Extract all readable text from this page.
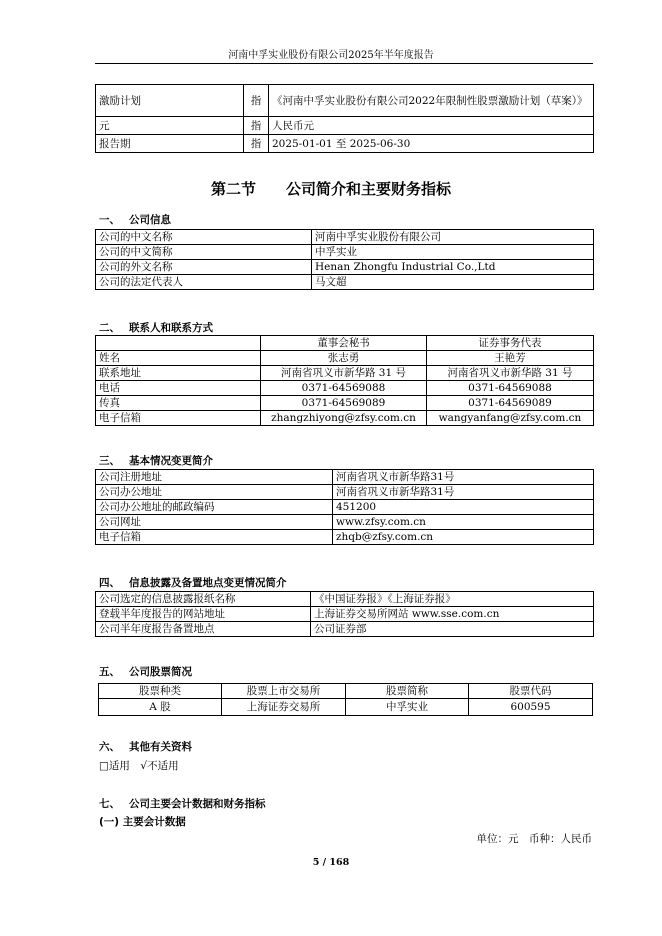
河南中孚实业股份有限公司2025年半年度报告
激励计划	指	《河南中孚实业股份有限公司2022年限制性股票激励计划（草案）》
元	指	人民币元
报告期	指	2025-01-01 至 2025-06-30
第二节　　公司简介和主要财务指标
一、 公司信息
公司的中文名称	河南中孚实业股份有限公司
公司的中文简称	中孚实业
公司的外文名称	Henan Zhongfu Industrial Co.,Ltd
公司的法定代表人	马文超
二、 联系人和联系方式
	董事会秘书	证券事务代表
姓名	张志勇	王艳芳
联系地址	河南省巩义市新华路 31 号	河南省巩义市新华路 31 号
电话	0371-64569088	0371-64569088
传真	0371-64569089	0371-64569089
电子信箱	zhangzhiyong@zfsy.com.cn	wangyanfang@zfsy.com.cn
三、 基本情况变更简介
公司注册地址	河南省巩义市新华路31号
公司办公地址	河南省巩义市新华路31号
公司办公地址的邮政编码	451200
公司网址	www.zfsy.com.cn
电子信箱	zhqb@zfsy.com.cn
四、 信息披露及备置地点变更情况简介
公司选定的信息披露报纸名称	《中国证券报》《上海证券报》
登载半年度报告的网站地址	上海证券交易所网站 www.sse.com.cn
公司半年度报告备置地点	公司证券部
五、 公司股票简况
股票种类	股票上市交易所	股票简称	股票代码
A 股	上海证券交易所	中孚实业	600595
六、 其他有关资料
□适用　√不适用
七、 公司主要会计数据和财务指标
(一) 主要会计数据
单位：元　币种：人民币
5 / 168
